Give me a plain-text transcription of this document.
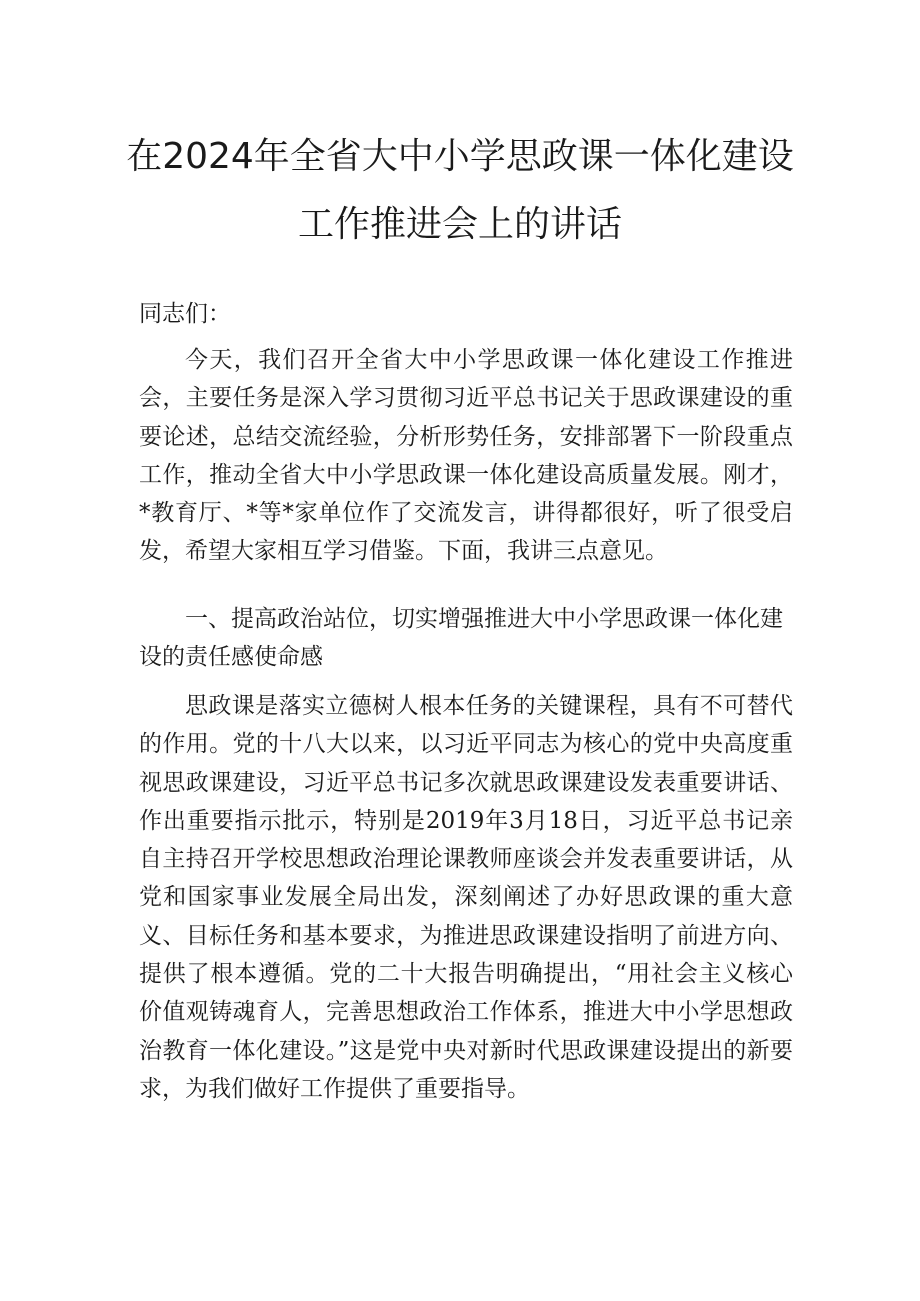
在2024年全省大中小学思政课一体化建设
工作推进会上的讲话
同志们：
今天，我们召开全省大中小学思政课一体化建设工作推进会，主要任务是深入学习贯彻习近平总书记关于思政课建设的重要论述，总结交流经验，分析形势任务，安排部署下一阶段重点工作，推动全省大中小学思政课一体化建设高质量发展。刚才，*教育厅、*等*家单位作了交流发言，讲得都很好，听了很受启发，希望大家相互学习借鉴。下面，我讲三点意见。
一、提高政治站位，切实增强推进大中小学思政课一体化建设的责任感使命感
思政课是落实立德树人根本任务的关键课程，具有不可替代的作用。党的十八大以来，以习近平同志为核心的党中央高度重视思政课建设，习近平总书记多次就思政课建设发表重要讲话、作出重要指示批示，特别是2019年3月18日，习近平总书记亲自主持召开学校思想政治理论课教师座谈会并发表重要讲话，从党和国家事业发展全局出发，深刻阐述了办好思政课的重大意义、目标任务和基本要求，为推进思政课建设指明了前进方向、提供了根本遵循。党的二十大报告明确提出，“用社会主义核心价值观铸魂育人，完善思想政治工作体系，推进大中小学思想政治教育一体化建设。”这是党中央对新时代思政课建设提出的新要求，为我们做好工作提供了重要指导。
